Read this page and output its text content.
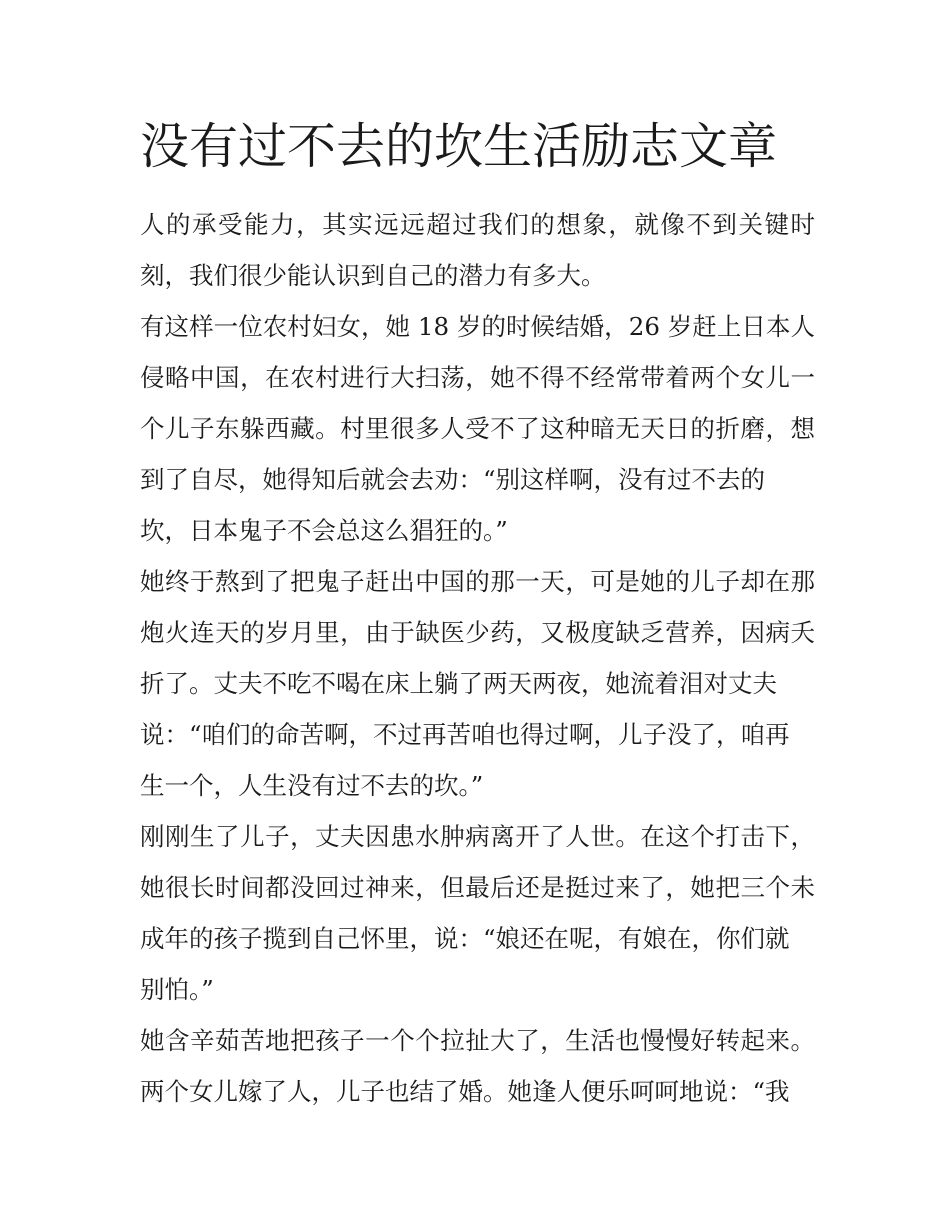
没有过不去的坎生活励志文章

人的承受能力，其实远远超过我们的想象，就像不到关键时
刻，我们很少能认识到自己的潜力有多大。

有这样一位农村妇女，她 18 岁的时候结婚，26 岁赶上日本人
侵略中国，在农村进行大扫荡，她不得不经常带着两个女儿一
个儿子东躲西藏。村里很多人受不了这种暗无天日的折磨，想
到了自尽，她得知后就会去劝：“别这样啊，没有过不去的
坎，日本鬼子不会总这么猖狂的。”

她终于熬到了把鬼子赶出中国的那一天，可是她的儿子却在那
炮火连天的岁月里，由于缺医少药，又极度缺乏营养，因病夭
折了。丈夫不吃不喝在床上躺了两天两夜，她流着泪对丈夫
说：“咱们的命苦啊，不过再苦咱也得过啊，儿子没了，咱再
生一个，人生没有过不去的坎。”

刚刚生了儿子，丈夫因患水肿病离开了人世。在这个打击下，
她很长时间都没回过神来，但最后还是挺过来了，她把三个未
成年的孩子揽到自己怀里，说：“娘还在呢，有娘在，你们就
别怕。”

她含辛茹苦地把孩子一个个拉扯大了，生活也慢慢好转起来。
两个女儿嫁了人，儿子也结了婚。她逢人便乐呵呵地说：“我
